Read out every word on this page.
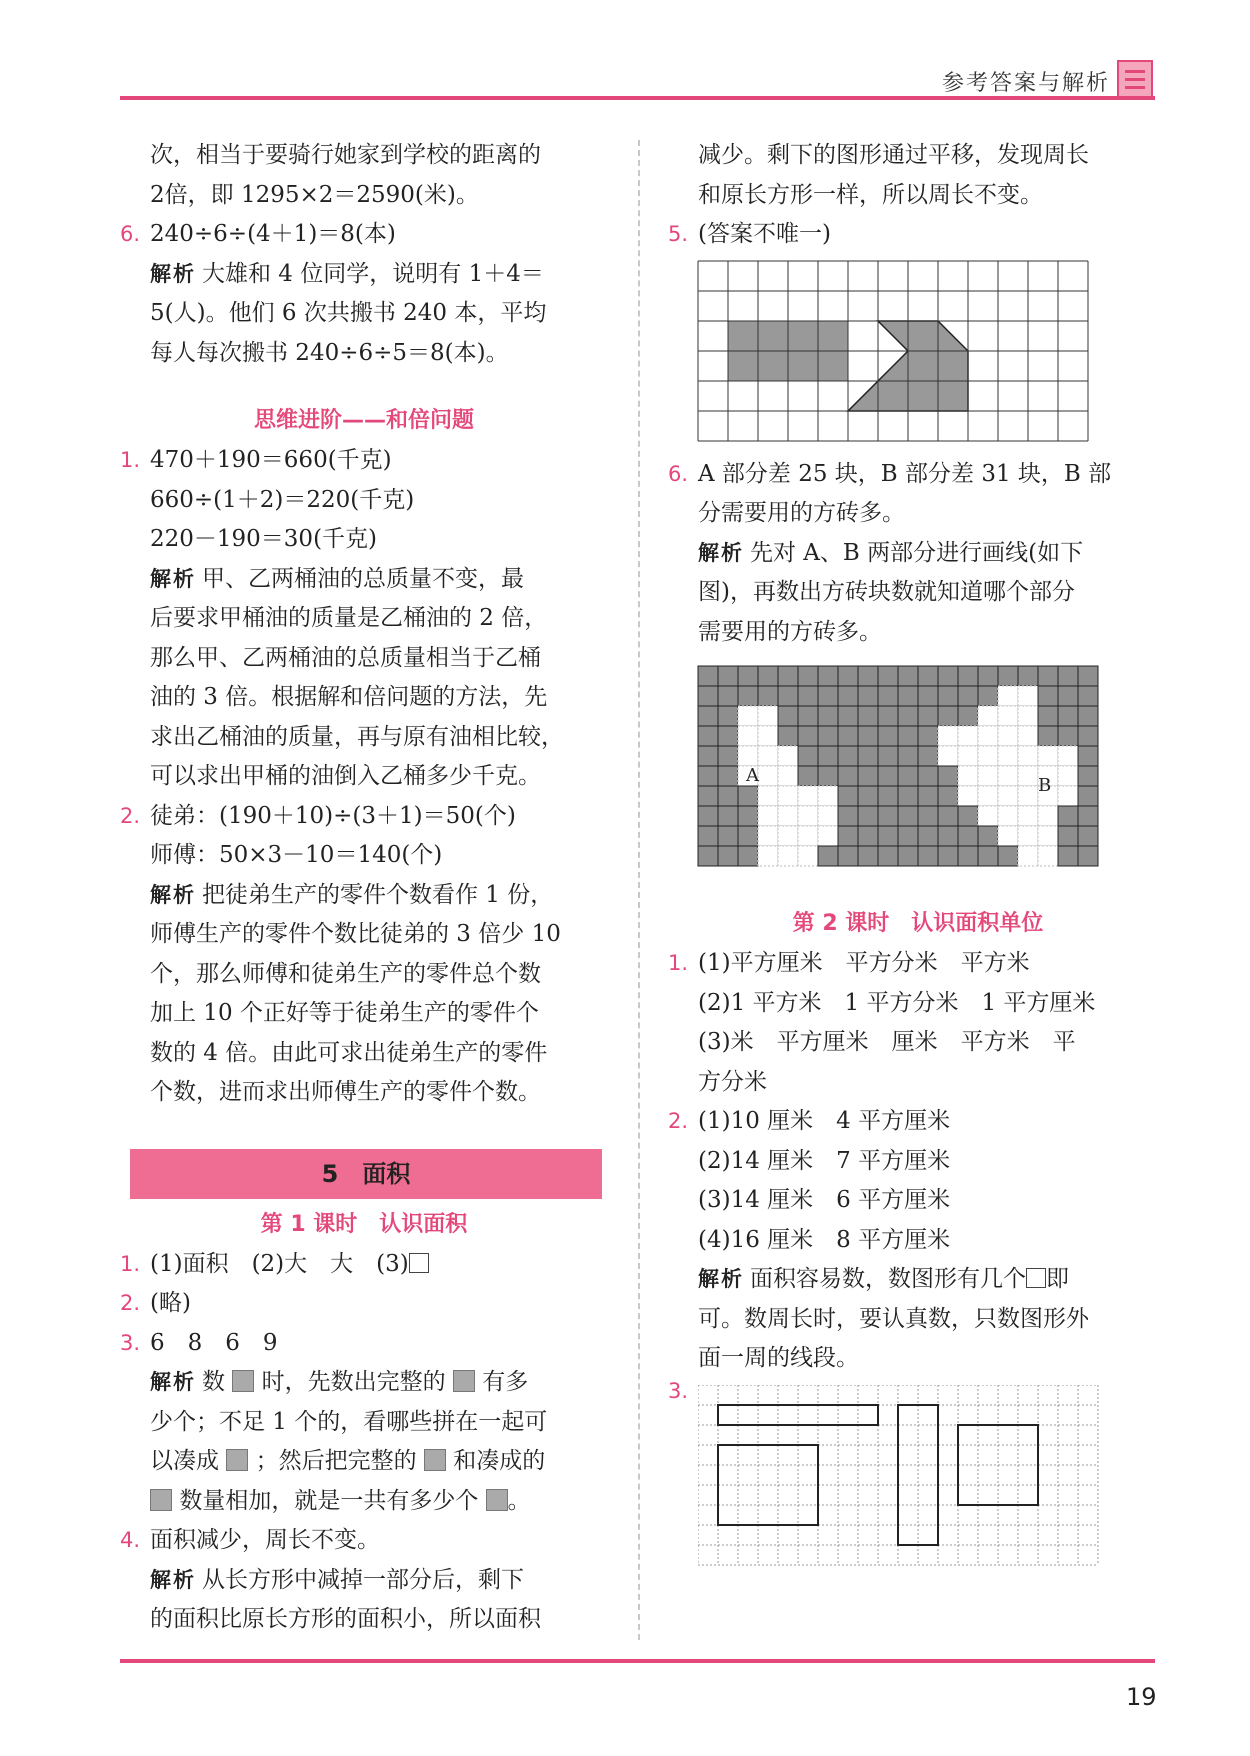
参考答案与解析

次，相当于要骑行她家到学校的距离的

2倍，即 1295×2＝2590(米)。

6. 240÷6÷(4＋1)＝8(本)

解析 大雄和 4 位同学，说明有 1＋4＝

5(人)。他们 6 次共搬书 240 本，平均

每人每次搬书 240÷6÷5＝8(本)。

思维进阶——和倍问题

1. 470＋190＝660(千克)

660÷(1＋2)＝220(千克)

220－190＝30(千克)

解析 甲、乙两桶油的总质量不变，最

后要求甲桶油的质量是乙桶油的 2 倍，

那么甲、乙两桶油的总质量相当于乙桶

油的 3 倍。根据解和倍问题的方法，先

求出乙桶油的质量，再与原有油相比较，

可以求出甲桶的油倒入乙桶多少千克。

2. 徒弟：(190＋10)÷(3＋1)＝50(个)

师傅：50×3－10＝140(个)

解析 把徒弟生产的零件个数看作 1 份，

师傅生产的零件个数比徒弟的 3 倍少 10

个，那么师傅和徒弟生产的零件总个数

加上 10 个正好等于徒弟生产的零件个

数的 4 倍。由此可求出徒弟生产的零件

个数，进而求出师傅生产的零件个数。

5　面积
第 1 课时　认识面积

1. (1)面积　(2)大　大　(3)

2. (略)

3. 6　8　6　9

解析 数 时，先数出完整的 有多

少个；不足 1 个的，看哪些拼在一起可

以凑成 ；然后把完整的 和凑成的

数量相加，就是一共有多少个 。

4. 面积减少，周长不变。

解析 从长方形中减掉一部分后，剩下

的面积比原长方形的面积小，所以面积

减少。剩下的图形通过平移，发现周长

和原长方形一样，所以周长不变。

5. (答案不唯一)

6. A 部分差 25 块，B 部分差 31 块，B 部

分需要用的方砖多。

解析 先对 A、B 两部分进行画线(如下

图)，再数出方砖块数就知道哪个部分

需要用的方砖多。

A	B
第 2 课时　认识面积单位

1. (1)平方厘米　平方分米　平方米

(2)1 平方米　1 平方分米　1 平方厘米

(3)米　平方厘米　厘米　平方米　平

方分米

2. (1)10 厘米　4 平方厘米

(2)14 厘米　7 平方厘米

(3)14 厘米　6 平方厘米

(4)16 厘米　8 平方厘米

解析 面积容易数，数图形有几个 即

可。数周长时，要认真数，只数图形外

面一周的线段。

3.
19
